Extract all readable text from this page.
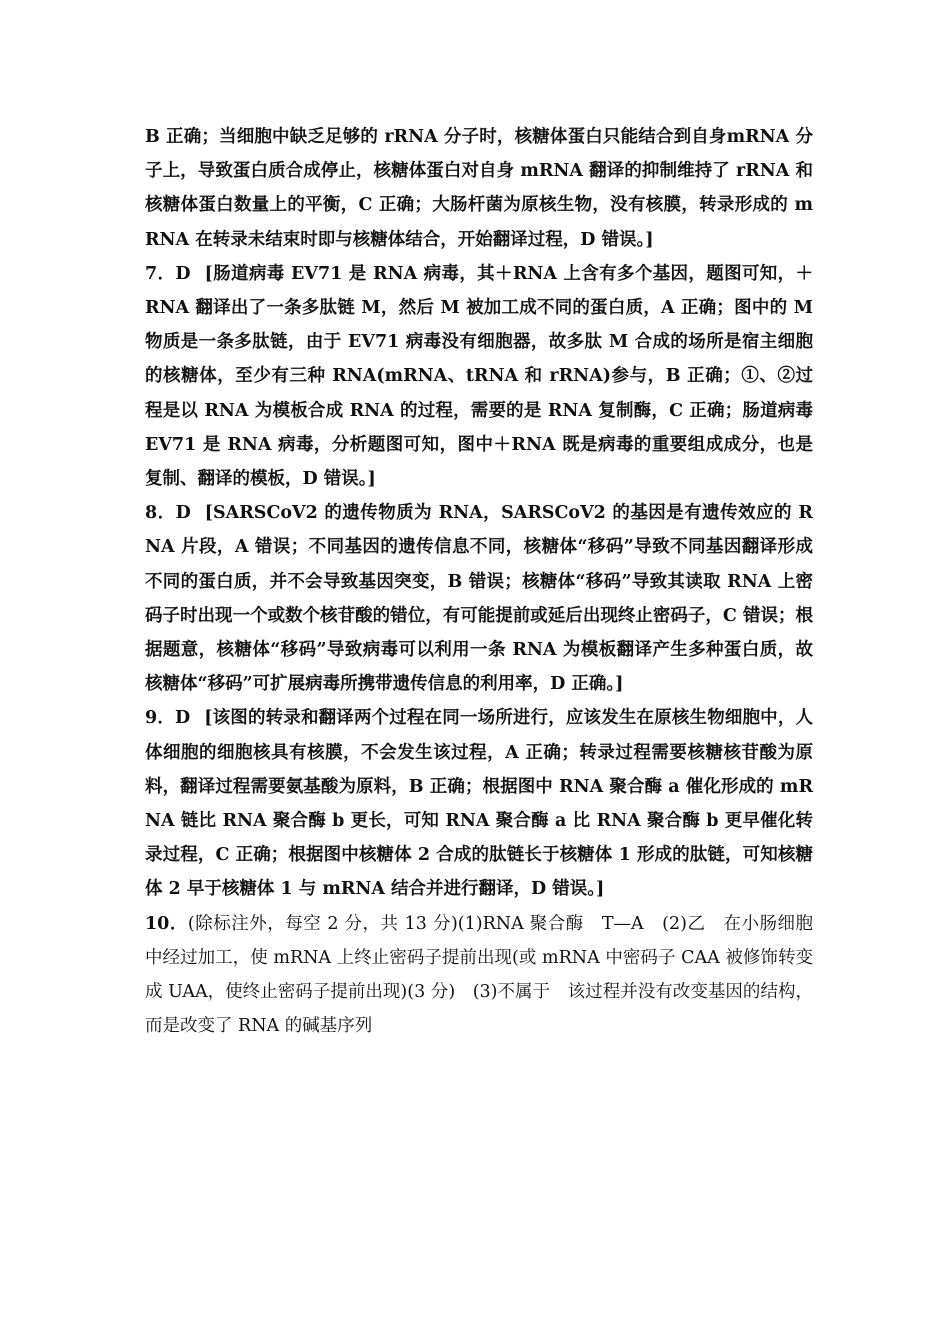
B 正确；当细胞中缺乏足够的 rRNA 分子时，核糖体蛋白只能结合到自身mRNA 分子上，导致蛋白质合成停止，核糖体蛋白对自身 mRNA 翻译的抑制维持了 rRNA 和核糖体蛋白数量上的平衡，C 正确；大肠杆菌为原核生物，没有核膜，转录形成的 mRNA 在转录未结束时即与核糖体结合，开始翻译过程，D 错误。]

7．D [肠道病毒 EV71 是 RNA 病毒，其＋RNA 上含有多个基因，题图可知，＋RNA 翻译出了一条多肽链 M，然后 M 被加工成不同的蛋白质，A 正确；图中的 M 物质是一条多肽链，由于 EV71 病毒没有细胞器，故多肽 M 合成的场所是宿主细胞的核糖体，至少有三种 RNA(mRNA、tRNA 和 rRNA)参与，B 正确；①、②过程是以 RNA 为模板合成 RNA 的过程，需要的是 RNA 复制酶，C 正确；肠道病毒 EV71 是 RNA 病毒，分析题图可知，图中＋RNA 既是病毒的重要组成成分，也是复制、翻译的模板，D 错误。]

8．D [SARSCoV2 的遗传物质为 RNA，SARSCoV2 的基因是有遗传效应的 RNA 片段，A 错误；不同基因的遗传信息不同，核糖体“移码”导致不同基因翻译形成不同的蛋白质，并不会导致基因突变，B 错误；核糖体“移码”导致其读取 RNA 上密码子时出现一个或数个核苷酸的错位，有可能提前或延后出现终止密码子，C 错误；根据题意，核糖体“移码”导致病毒可以利用一条 RNA 为模板翻译产生多种蛋白质，故核糖体“移码”可扩展病毒所携带遗传信息的利用率，D 正确。]

9．D [该图的转录和翻译两个过程在同一场所进行，应该发生在原核生物细胞中，人体细胞的细胞核具有核膜，不会发生该过程，A 正确；转录过程需要核糖核苷酸为原料，翻译过程需要氨基酸为原料，B 正确；根据图中 RNA 聚合酶 a 催化形成的 mRNA 链比 RNA 聚合酶 b 更长，可知 RNA 聚合酶 a 比 RNA 聚合酶 b 更早催化转录过程，C 正确；根据图中核糖体 2 合成的肽链长于核糖体 1 形成的肽链，可知核糖体 2 早于核糖体 1 与 mRNA 结合并进行翻译，D 错误。]

10．(除标注外，每空 2 分，共 13 分)(1)RNA 聚合酶　T—A　(2)乙　在小肠细胞中经过加工，使 mRNA 上终止密码子提前出现(或 mRNA 中密码子 CAA 被修饰转变成 UAA，使终止密码子提前出现)(3 分)　(3)不属于　该过程并没有改变基因的结构，而是改变了 RNA 的碱基序列
